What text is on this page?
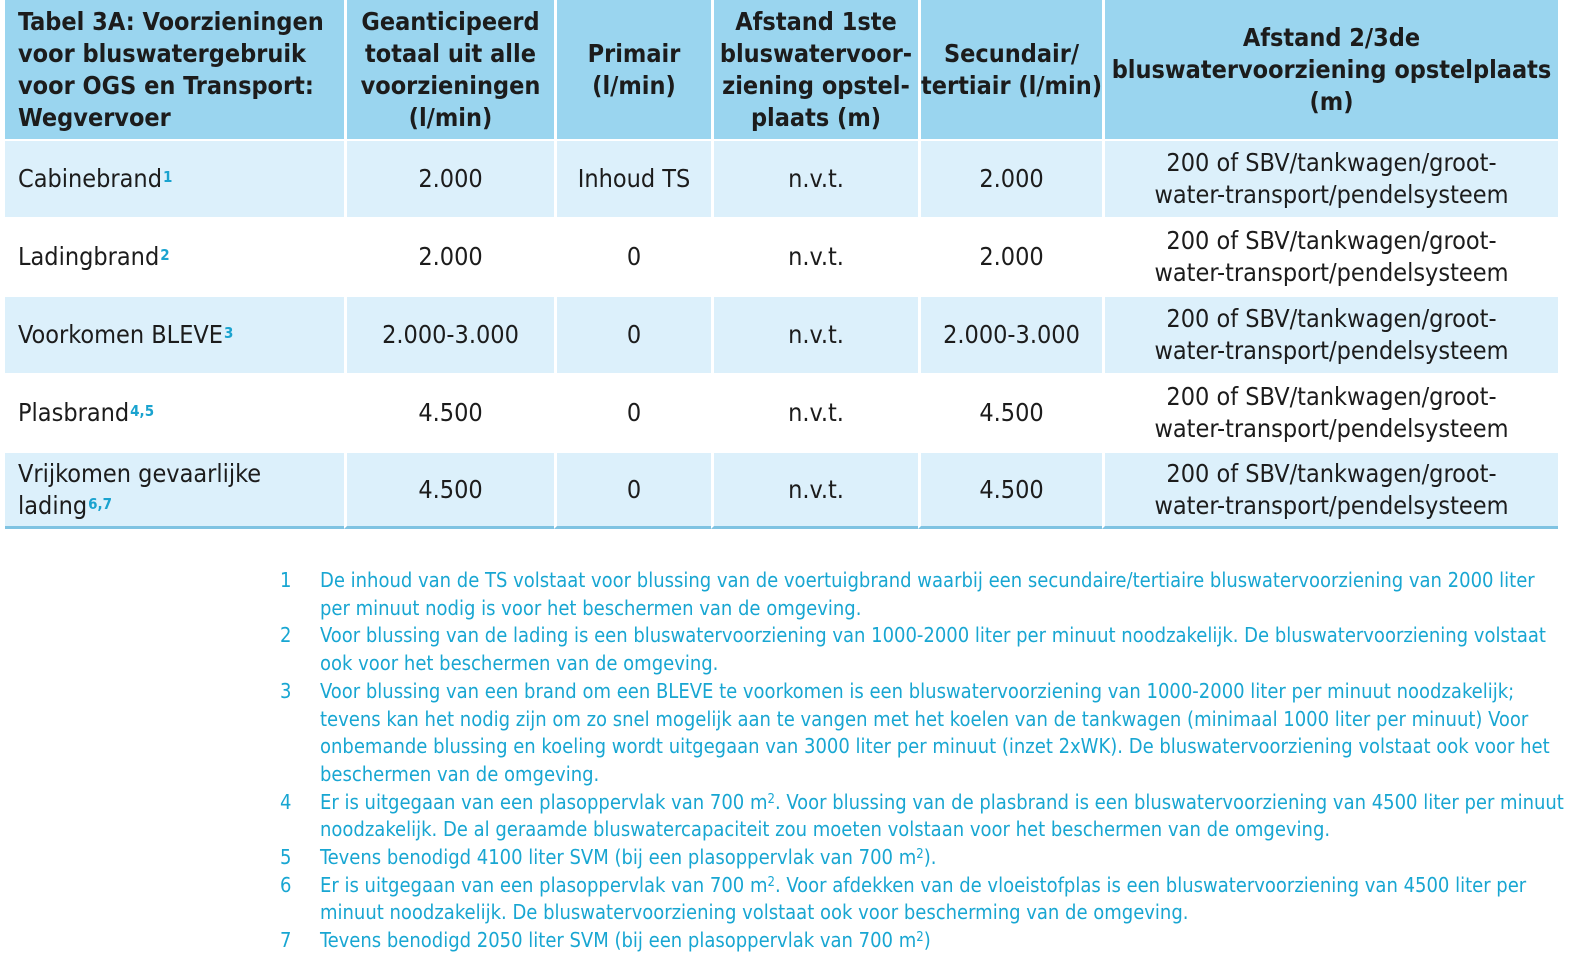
Tabel 3A: Voorzieningen voor bluswatergebruik voor OGS en Transport: Wegvervoer	Geanticipeerd totaal uit alle voorzieningen (l/min)	Primair (l/min)	Afstand 1ste bluswatervoor-ziening opstel-plaats (m)	Secundair/ tertiair (l/min)	Afstand 2/3de bluswatervoorziening opstelplaats (m)
Cabinebrand$^1$	2.000	Inhoud TS	n.v.t.	2.000	200 of SBV/tankwagen/groot-
water-transport/pendelsysteem

Ladingbrand$^2$	2.000	0	n.v.t.	2.000	200 of SBV/tankwagen/groot-
water-transport/pendelsysteem

Voorkomen BLEVE$^3$	2.000-3.000	0	n.v.t.	2.000-3.000	200 of SBV/tankwagen/groot-
water-transport/pendelsysteem

Plasbrand$^{4,5}$	4.500	0	n.v.t.	4.500	200 of SBV/tankwagen/groot-
water-transport/pendelsysteem

Vrijkomen gevaarlijke lading$^{6,7}$	4.500	0	n.v.t.	4.500	200 of SBV/tankwagen/groot-
water-transport/pendelsysteem
1	De inhoud van de TS volstaat voor blussing van de voertuigbrand waarbij een secundaire/tertiaire bluswatervoorziening van 2000 liter per minuut nodig is voor het beschermen van de omgeving.
2	Voor blussing van de lading is een bluswatervoorziening van 1000-2000 liter per minuut noodzakelijk. De bluswatervoorziening volstaat ook voor het beschermen van de omgeving.
3	Voor blussing van een brand om een BLEVE te voorkomen is een bluswatervoorziening van 1000-2000 liter per minuut noodzakelijk; tevens kan het nodig zijn om zo snel mogelijk aan te vangen met het koelen van de tankwagen (minimaal 1000 liter per minuut) Voor onbemande blussing en koeling wordt uitgegaan van 3000 liter per minuut (inzet 2xWK). De bluswatervoorziening volstaat ook voor het beschermen van de omgeving.
4	Er is uitgegaan van een plasoppervlak van 700 $m^2$. Voor blussing van de plasbrand is een bluswatervoorziening van 4500 liter per minuut noodzakelijk. De al geraamde bluswatercapaciteit zou moeten volstaan voor het beschermen van de omgeving.
5	Tevens benodigd 4100 liter SVM (bij een plasoppervlak van 700 $m^2$).
6	Er is uitgegaan van een plasoppervlak van 700 $m^2$. Voor afdekken van de vloeistofplas is een bluswatervoorziening van 4500 liter per minuut noodzakelijk. De bluswatervoorziening volstaat ook voor bescherming van de omgeving.
7	Tevens benodigd 2050 liter SVM (bij een plasoppervlak van 700 $m^2$)
